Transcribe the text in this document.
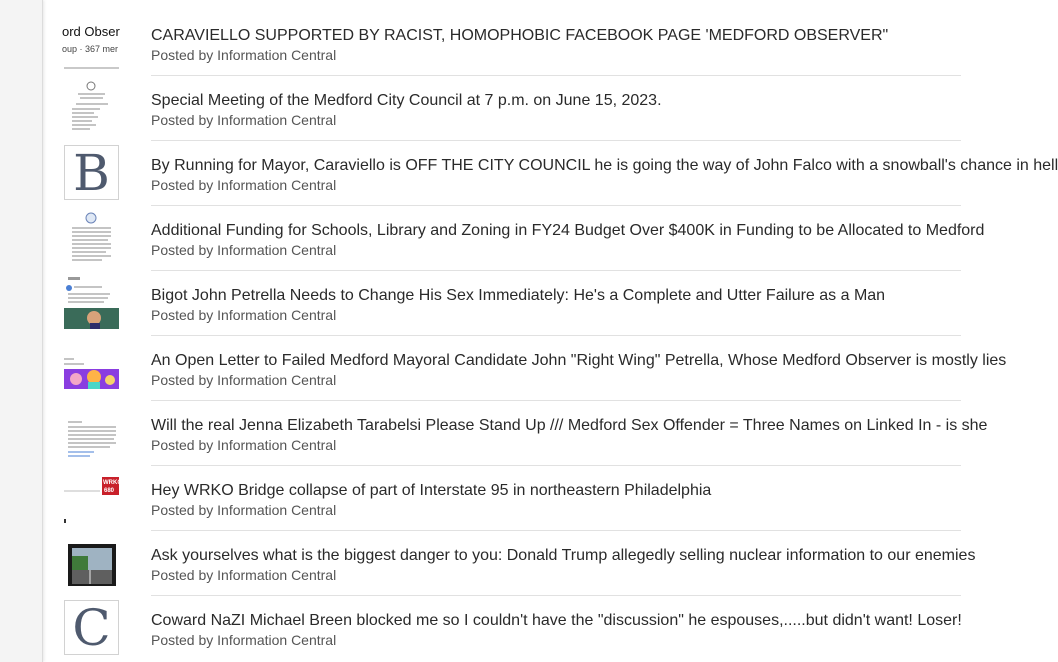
ord Obser
oup · 367 mer
CARAVIELLO SUPPORTED BY RACIST, HOMOPHOBIC FACEBOOK PAGE 'MEDFORD OBSERVER"
Posted by Information Central
Special Meeting of the Medford City Council at 7 p.m. on June 15, 2023.
Posted by Information Central
B	By Running for Mayor, Caraviello is OFF THE CITY COUNCIL he is going the way of John Falco with a snowball's chance in hell
Posted by Information Central
Additional Funding for Schools, Library and Zoning in FY24 Budget Over $400K in Funding to be Allocated to Medford
Posted by Information Central
Bigot John Petrella Needs to Change His Sex Immediately: He's a Complete and Utter Failure as a Man
Posted by Information Central
An Open Letter to Failed Medford Mayoral Candidate John "Right Wing" Petrella, Whose Medford Observer is mostly lies
Posted by Information Central
Will the real Jenna Elizabeth Tarabelsi Please Stand Up /// Medford Sex Offender = Three Names on Linked In - is she
Posted by Information Central
WRKO
680 Hey WRKO Bridge collapse of part of Interstate 95 in northeastern Philadelphia
Posted by Information Central
Ask yourselves what is the biggest danger to you: Donald Trump allegedly selling nuclear information to our enemies
Posted by Information Central
C	Coward NaZI Michael Breen blocked me so I couldn't have the "discussion" he espouses,.....but didn't want! Loser!
Posted by Information Central
